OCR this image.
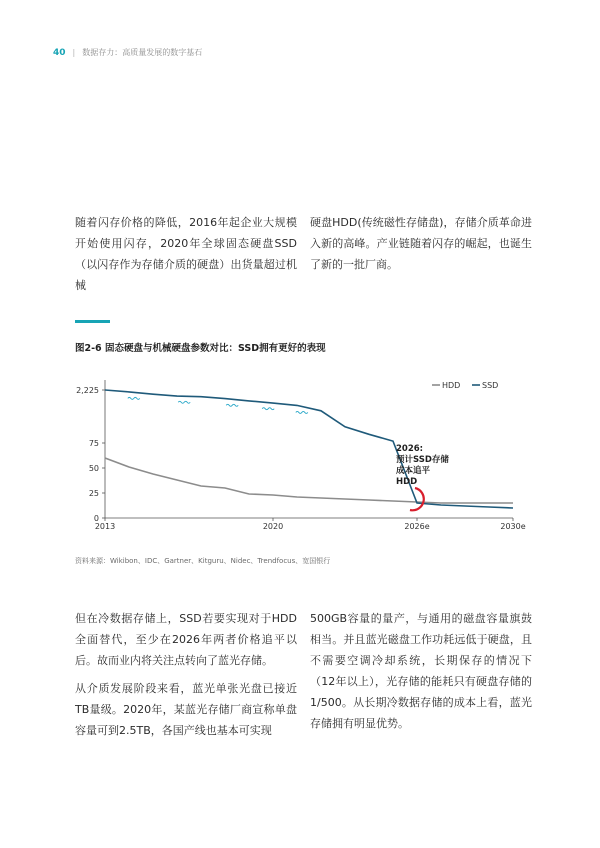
40 | 数据存力：高质量发展的数字基石

随着闪存价格的降低，2016年起企业大规模开始使用闪存，2020年全球固态硬盘SSD（以闪存作为存储介质的硬盘）出货量超过机械

硬盘HDD(传统磁性存储盘)，存储介质革命进入新的高峰。产业链随着闪存的崛起，也诞生了新的一批厂商。

图2-6 固态硬盘与机械硬盘参数对比：SSD拥有更好的表现
0
25
50
75
2,225
2013	2020	2026e	2030e
HDD	SSD
2026:
预计SSD存储
成本追平
HDD
资料来源：Wikibon、IDC、Gartner、Kitguru、Nidec、Trendfocus、宽国银行

但在冷数据存储上，SSD若要实现对于HDD全面替代，至少在2026年两者价格追平以后。故而业内将关注点转向了蓝光存储。

从介质发展阶段来看，蓝光单张光盘已接近TB量级。2020年，某蓝光存储厂商宣称单盘容量可到2.5TB，各国产线也基本可实现

500GB容量的量产，与通用的磁盘容量旗鼓相当。并且蓝光磁盘工作功耗远低于硬盘，且不需要空调冷却系统，长期保存的情况下（12年以上），光存储的能耗只有硬盘存储的1/500。从长期冷数据存储的成本上看，蓝光存储拥有明显优势。
